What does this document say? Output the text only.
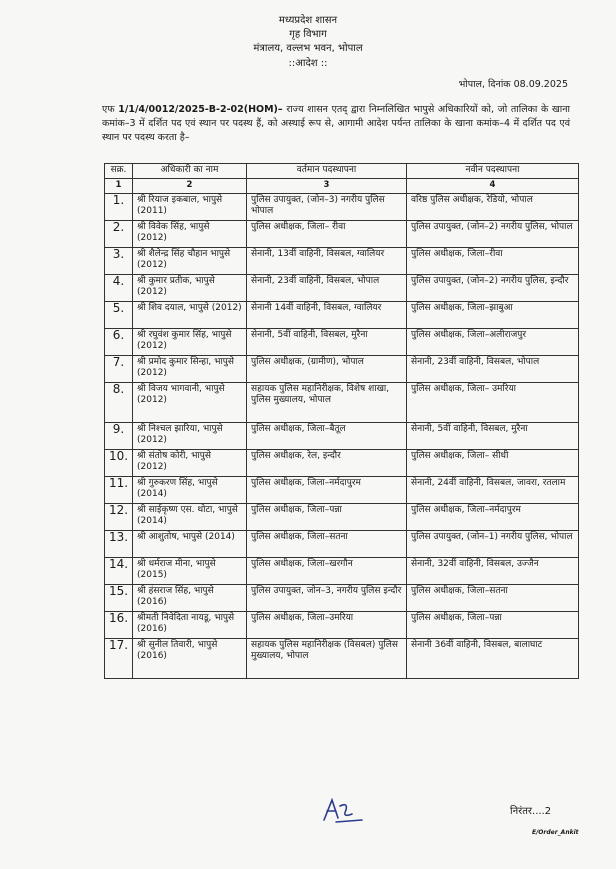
मध्यप्रदेश शासन
गृह विभाग
मंत्रालय, वल्लभ भवन, भोपाल
::आदेश ::
भोपाल, दिनांक 08.09.2025
एफ 1/1/4/0012/2025-B-2-02(HOM)– राज्य शासन एतद् द्वारा निम्नलिखित भापुसे अधिकारियों को, जो तालिका के खाना कमांक–3 में दर्शित पद एवं स्थान पर पदस्थ हैं, को अस्थाई रूप से, आगामी आदेश पर्यन्त तालिका के खाना कमांक–4 में दर्शित पद एवं स्थान पर पदस्थ करता है–
सक्र.	अधिकारी का नाम	वर्तमान पदस्थापना	नवीन पदस्थापना
1	2	3	4
1.	श्री रियाज इकबाल, भापुसे (2011)	पुलिस उपायुक्त, (जोन–3) नगरीय पुलिस भोपाल	वरिष्ठ पुलिस अधीक्षक, रेडियो, भोपाल
2.	श्री विवेक सिंह, भापुसे (2012)	पुलिस अधीक्षक, जिला– रीवा	पुलिस उपायुक्त, (जोन–2) नगरीय पुलिस, भोपाल
3.	श्री शैलेन्द्र सिंह चौहान भापुसे (2012)	सेनानी, 13वीं वाहिनी, विसबल, ग्वालियर	पुलिस अधीक्षक, जिला–रीवा
4.	श्री कुमार प्रतीक, भापुसे (2012)	सेनानी, 23वीं वाहिनी, विसबल, भोपाल	पुलिस उपायुक्त, (जोन–2) नगरीय पुलिस, इन्दौर
5.	श्री शिव दयाल, भापुसे (2012)	सेनानी 14वीं वाहिनी, विसबल, ग्वालियर	पुलिस अधीक्षक, जिला–झाबुआ
6.	श्री रघुवंश कुमार सिंह, भापुसे (2012)	सेनानी, 5वीं वाहिनी, विसबल, मुरैना	पुलिस अधीक्षक, जिला–अलीराजपुर
7.	श्री प्रमोद कुमार सिन्हा, भापुसे (2012)	पुलिस अधीक्षक, (ग्रामीण), भोपाल	सेनानी, 23वीं वाहिनी, विसबल, भोपाल
8.	श्री विजय भागवानी, भापुसे (2012)	सहायक पुलिस महानिरीक्षक, विशेष शाखा, पुलिस मुख्यालय, भोपाल	पुलिस अधीक्षक, जिला– उमरिया
9.	श्री निश्चल झारिया, भापुसे (2012)	पुलिस अधीक्षक, जिला–बैतूल	सेनानी, 5वीं वाहिनी, विसबल, मुरैना
10.	श्री संतोष कोरी, भापुसे (2012)	पुलिस अधीक्षक, रेल, इन्दौर	पुलिस अधीक्षक, जिला– सीधी
11.	श्री गुरुकरण सिंह, भापुसे (2014)	पुलिस अधीक्षक, जिला–नर्मदापुरम	सेनानी, 24वीं वाहिनी, विसबल, जावरा, रतलाम
12.	श्री साईकृष्ण एस. थोटा, भापुसे (2014)	पुलिस अधीक्षक, जिला–पन्ना	पुलिस अधीक्षक, जिला–नर्मदापुरम
13.	श्री आशुतोष, भापुसे (2014)	पुलिस अधीक्षक, जिला–सतना	पुलिस उपायुक्त, (जोन–1) नगरीय पुलिस, भोपाल
14.	श्री धर्मराज मीना, भापुसे (2015)	पुलिस अधीक्षक, जिला–खरगौन	सेनानी, 32वीं वाहिनी, विसबल, उज्जैन
15.	श्री हंसराज सिंह, भापुसे (2016)	पुलिस उपायुक्त, जोन–3, नगरीय पुलिस इन्दौर	पुलिस अधीक्षक, जिला–सतना
16.	श्रीमती निवेदिता नायडू, भापुसे (2016)	पुलिस अधीक्षक, जिला–उमरिया	पुलिस अधीक्षक, जिला–पन्ना
17.	श्री सुनील तिवारी, भापुसे (2016)	सहायक पुलिस महानिरीक्षक (विसबल) पुलिस मुख्यालय, भोपाल	सेनानी 36वीं वाहिनी, विसबल, बालाघाट
निरंतर....2
E/Order_Ankit
